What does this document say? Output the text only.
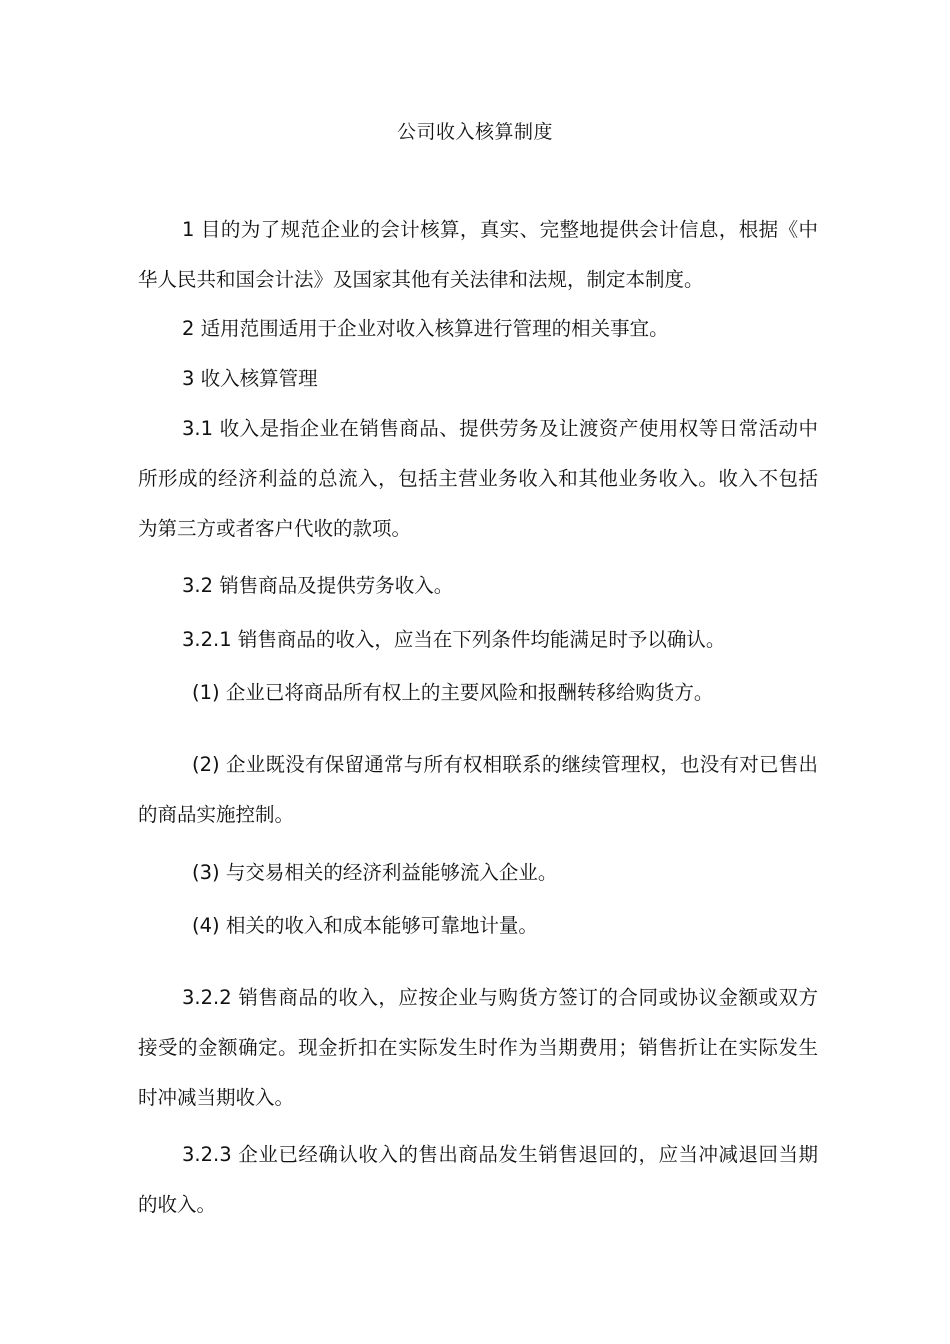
公司收入核算制度

1 目的为了规范企业的会计核算，真实、完整地提供会计信息，根据《中华人民共和国会计法》及国家其他有关法律和法规，制定本制度。

2 适用范围适用于企业对收入核算进行管理的相关事宜。

3 收入核算管理

3.1 收入是指企业在销售商品、提供劳务及让渡资产使用权等日常活动中所形成的经济利益的总流入，包括主营业务收入和其他业务收入。收入不包括为第三方或者客户代收的款项。

3.2 销售商品及提供劳务收入。

3.2.1 销售商品的收入，应当在下列条件均能满足时予以确认。

(1) 企业已将商品所有权上的主要风险和报酬转移给购货方。

(2) 企业既没有保留通常与所有权相联系的继续管理权，也没有对已售出的商品实施控制。

(3) 与交易相关的经济利益能够流入企业。

(4) 相关的收入和成本能够可靠地计量。

3.2.2 销售商品的收入，应按企业与购货方签订的合同或协议金额或双方接受的金额确定。现金折扣在实际发生时作为当期费用；销售折让在实际发生时冲减当期收入。

3.2.3 企业已经确认收入的售出商品发生销售退回的，应当冲减退回当期的收入。
